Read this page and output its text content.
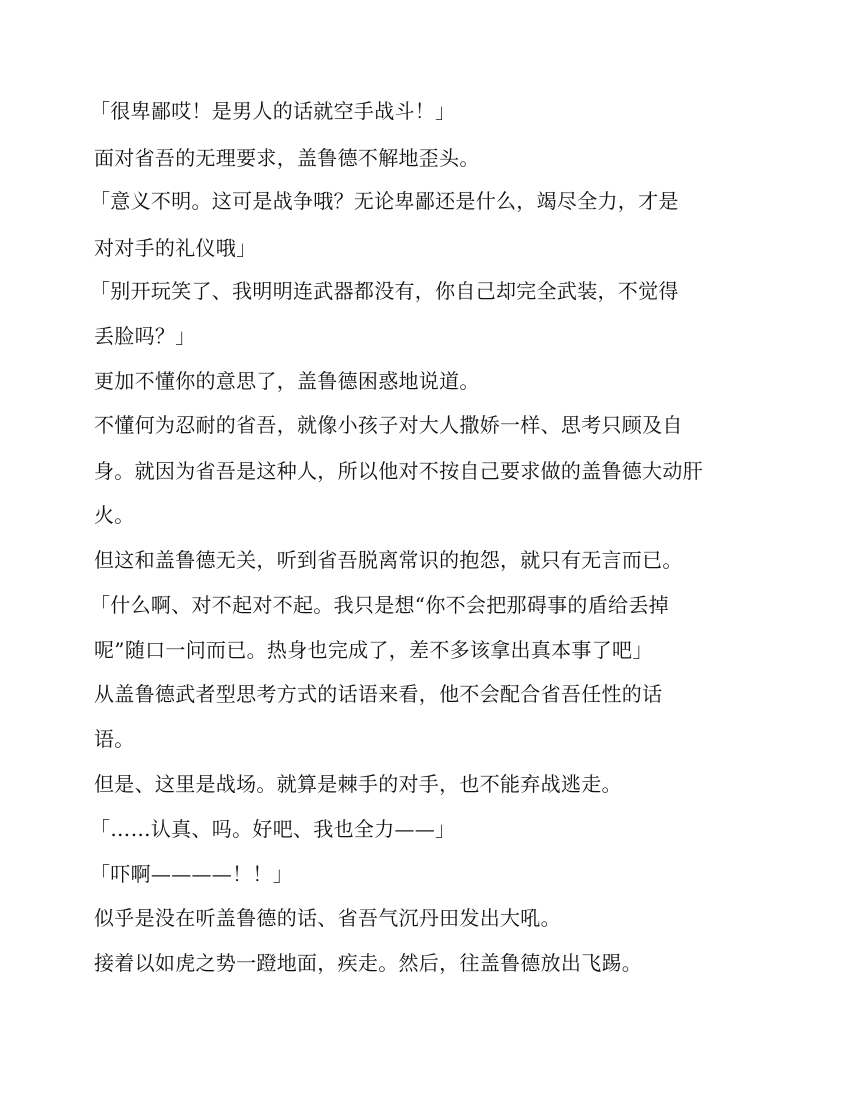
「很卑鄙哎！是男人的话就空手战斗！」
面对省吾的无理要求，盖鲁德不解地歪头。
「意义不明。这可是战争哦？无论卑鄙还是什么，竭尽全力，才是
对对手的礼仪哦」
「别开玩笑了、我明明连武器都没有，你自己却完全武装，不觉得
丢脸吗？」
更加不懂你的意思了，盖鲁德困惑地说道。
不懂何为忍耐的省吾，就像小孩子对大人撒娇一样、思考只顾及自
身。就因为省吾是这种人，所以他对不按自己要求做的盖鲁德大动肝
火。
但这和盖鲁德无关，听到省吾脱离常识的抱怨，就只有无言而已。
「什么啊、对不起对不起。我只是想“你不会把那碍事的盾给丢掉
呢”随口一问而已。热身也完成了，差不多该拿出真本事了吧」
从盖鲁德武者型思考方式的话语来看，他不会配合省吾任性的话
语。
但是、这里是战场。就算是棘手的对手，也不能弃战逃走。
「……认真、吗。好吧、我也全力——」
「吓啊————！！」
似乎是没在听盖鲁德的话、省吾气沉丹田发出大吼。
接着以如虎之势一蹬地面，疾走。然后，往盖鲁德放出飞踢。
